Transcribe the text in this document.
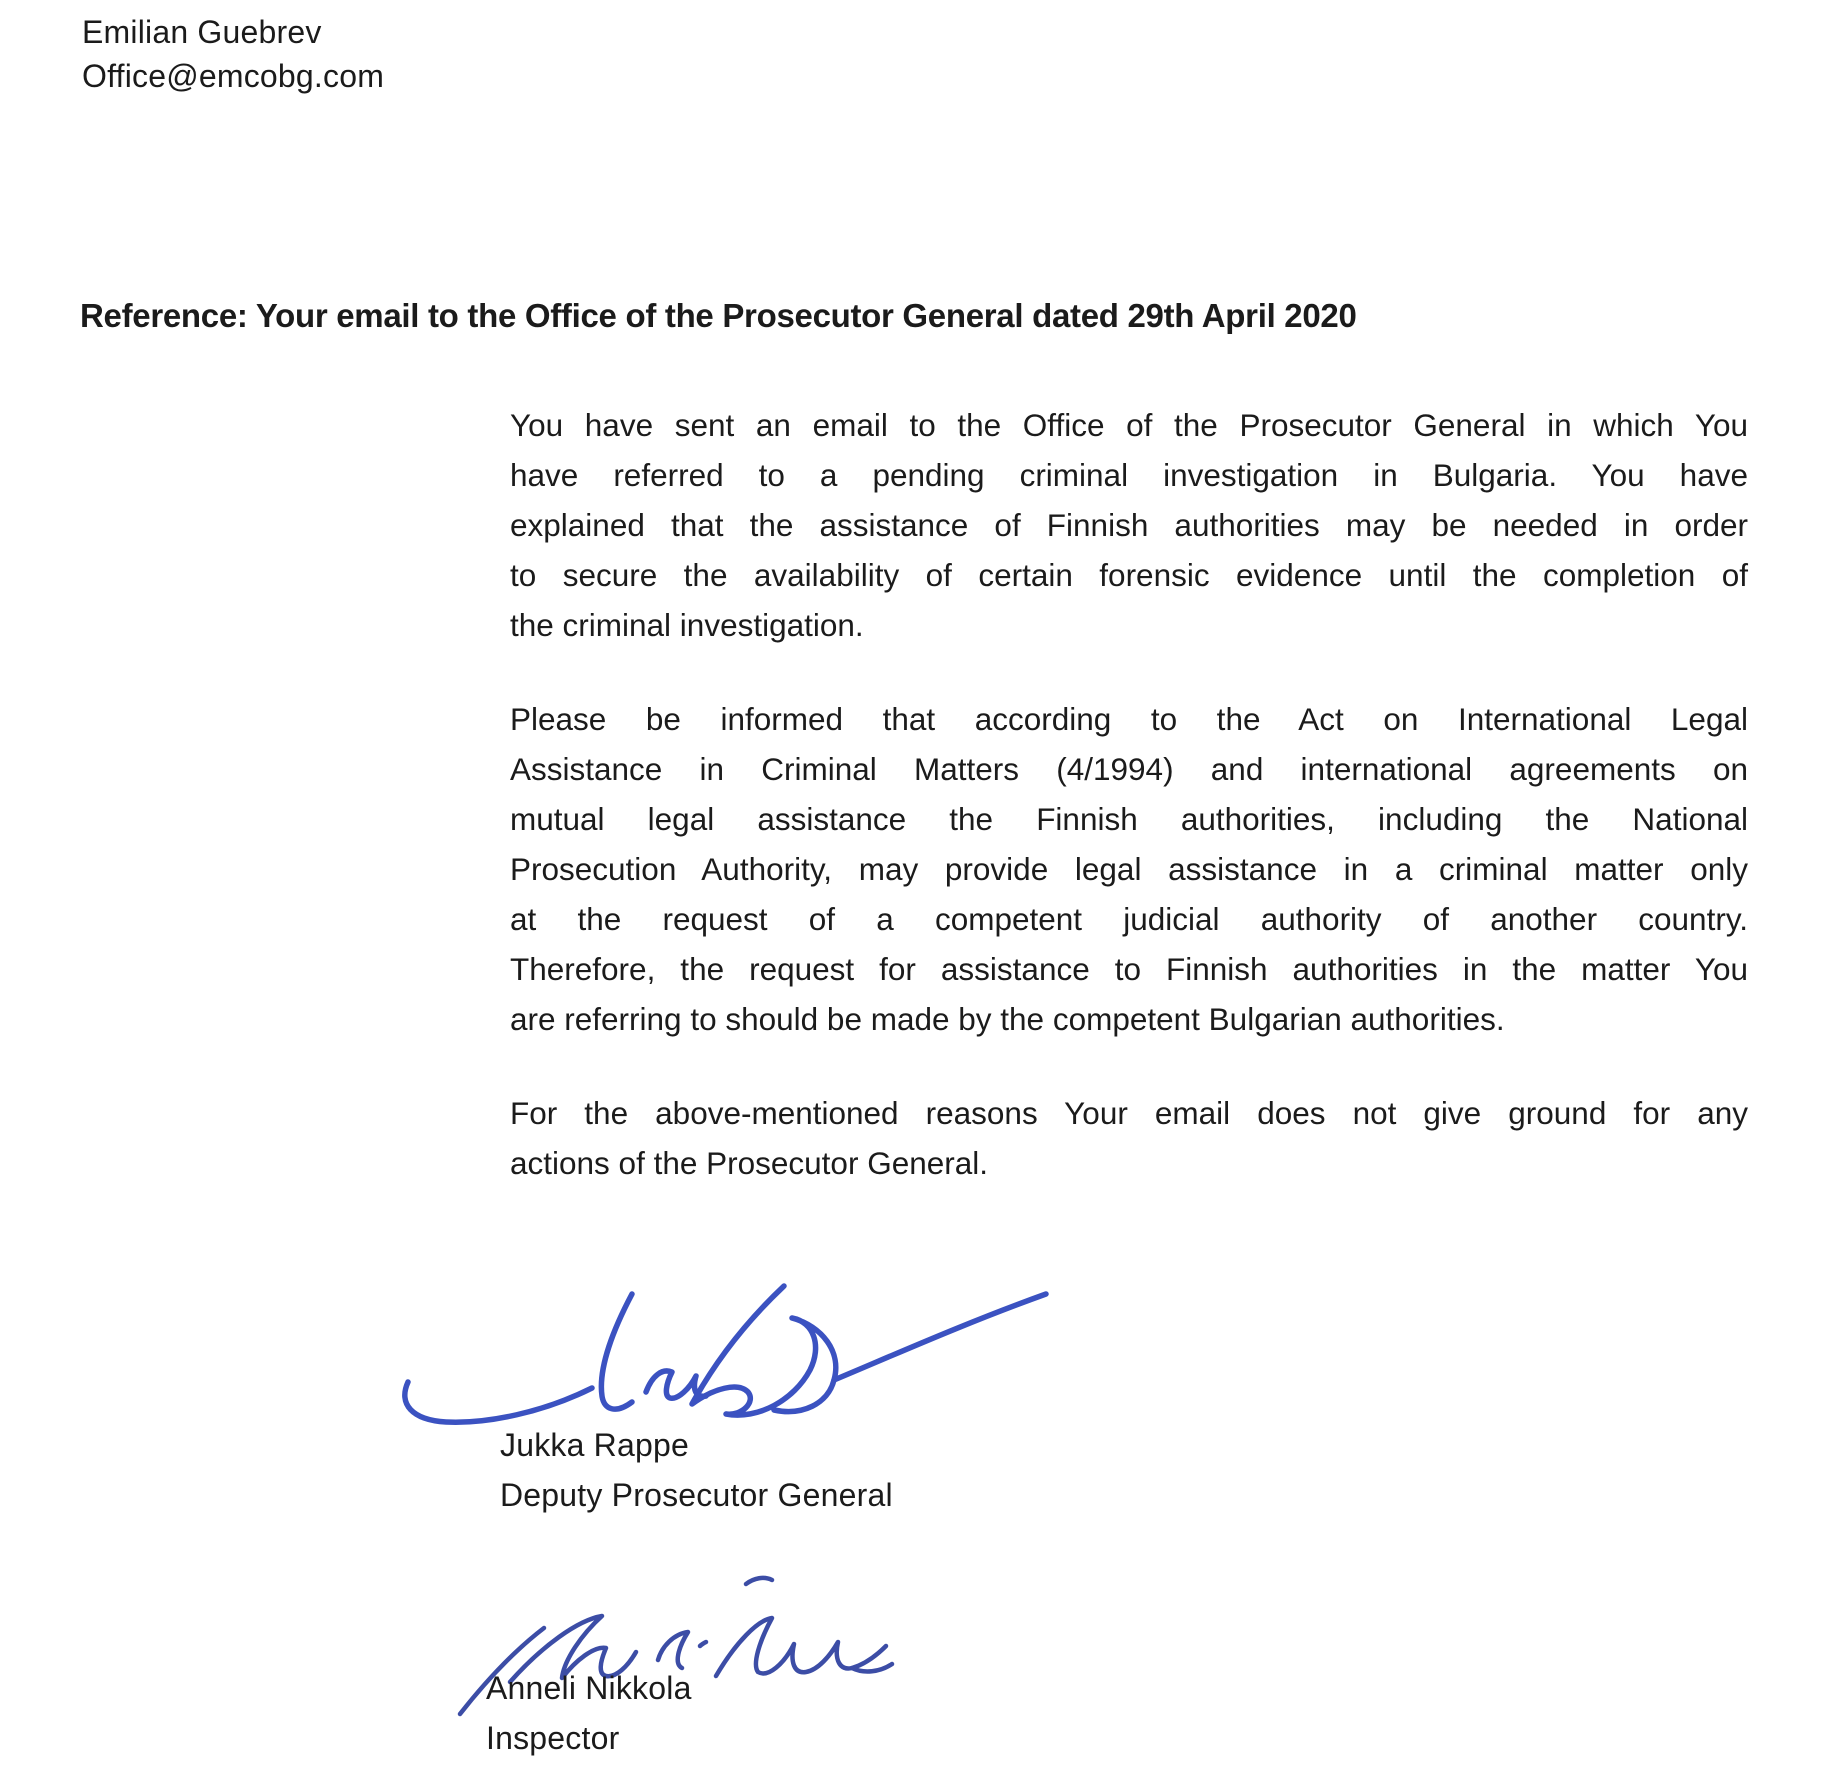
Emilian Guebrev
Office@emcobg.com
Reference: Your email to the Office of the Prosecutor General dated 29th April 2020
You have sent an email to the Office of the Prosecutor General in which You
have referred to a pending criminal investigation in Bulgaria. You have
explained that the assistance of Finnish authorities may be needed in order
to secure the availability of certain forensic evidence until the completion of
the criminal investigation.
Please be informed that according to the Act on International Legal
Assistance in Criminal Matters (4/1994) and international agreements on
mutual legal assistance the Finnish authorities, including the National
Prosecution Authority, may provide legal assistance in a criminal matter only
at the request of a competent judicial authority of another country.
Therefore, the request for assistance to Finnish authorities in the matter You
are referring to should be made by the competent Bulgarian authorities.
For the above-mentioned reasons Your email does not give ground for any
actions of the Prosecutor General.
Jukka Rappe
Deputy Prosecutor General
Anneli Nikkola
Inspector
